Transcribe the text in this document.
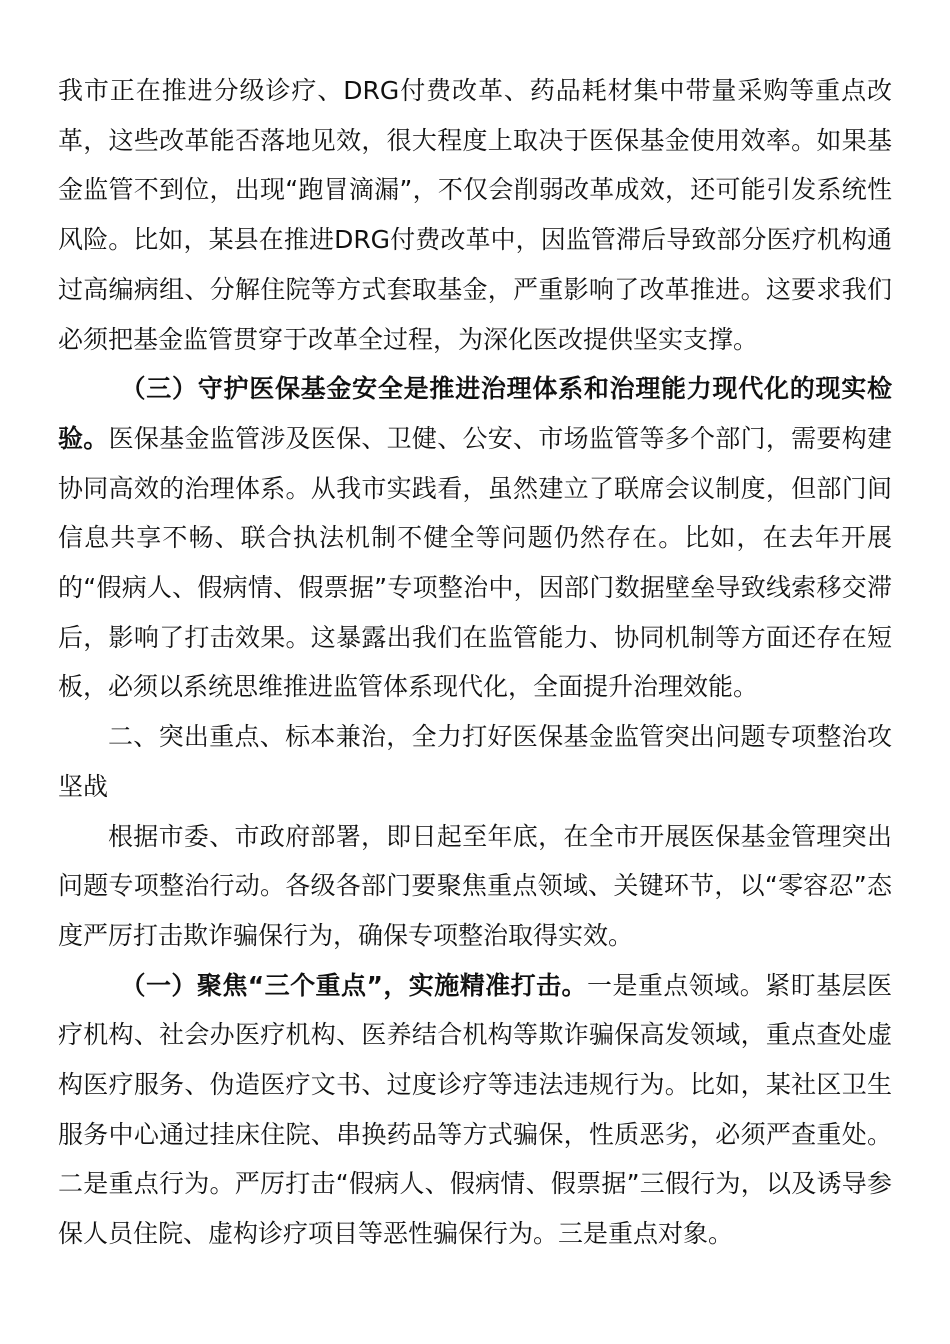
我市正在推进分级诊疗、DRG付费改革、药品耗材集中带量采购等重点改革，这些改革能否落地见效，很大程度上取决于医保基金使用效率。如果基金监管不到位，出现“跑冒滴漏”，不仅会削弱改革成效，还可能引发系统性风险。比如，某县在推进DRG付费改革中，因监管滞后导致部分医疗机构通过高编病组、分解住院等方式套取基金，严重影响了改革推进。这要求我们必须把基金监管贯穿于改革全过程，为深化医改提供坚实支撑。

（三）守护医保基金安全是推进治理体系和治理能力现代化的现实检验。医保基金监管涉及医保、卫健、公安、市场监管等多个部门，需要构建协同高效的治理体系。从我市实践看，虽然建立了联席会议制度，但部门间信息共享不畅、联合执法机制不健全等问题仍然存在。比如，在去年开展的“假病人、假病情、假票据”专项整治中，因部门数据壁垒导致线索移交滞后，影响了打击效果。这暴露出我们在监管能力、协同机制等方面还存在短板，必须以系统思维推进监管体系现代化，全面提升治理效能。

二、突出重点、标本兼治，全力打好医保基金监管突出问题专项整治攻坚战

根据市委、市政府部署，即日起至年底，在全市开展医保基金管理突出问题专项整治行动。各级各部门要聚焦重点领域、关键环节，以“零容忍”态度严厉打击欺诈骗保行为，确保专项整治取得实效。

（一）聚焦“三个重点”，实施精准打击。一是重点领域。紧盯基层医疗机构、社会办医疗机构、医养结合机构等欺诈骗保高发领域，重点查处虚构医疗服务、伪造医疗文书、过度诊疗等违法违规行为。比如，某社区卫生服务中心通过挂床住院、串换药品等方式骗保，性质恶劣，必须严查重处。二是重点行为。严厉打击“假病人、假病情、假票据”三假行为，以及诱导参保人员住院、虚构诊疗项目等恶性骗保行为。三是重点对象。
